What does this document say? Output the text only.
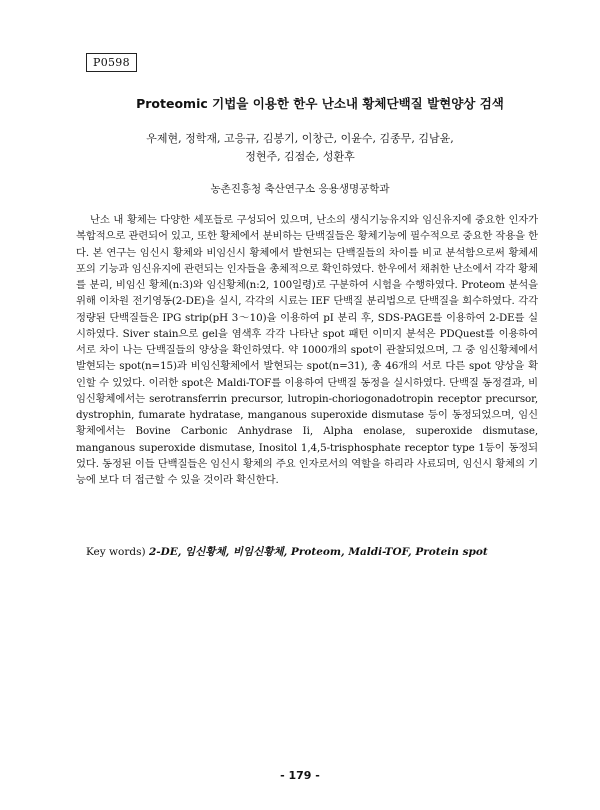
P0598
Proteomic 기법을 이용한 한우 난소내 황체단백질 발현양상 검색
우제현, 정학재, 고응규, 김봉기, 이창근, 이윤수, 김종무, 김남윤,
정현주, 김점순, 성환후
농촌진흥청 축산연구소 응용생명공학과

난소 내 황체는 다양한 세포들로 구성되어 있으며, 난소의 생식기능유지와 임신유지에 중요한 인자가 복합적으로 관련되어 있고, 또한 황체에서 분비하는 단백질들은 황체기능에 필수적으로 중요한 작용을 한다. 본 연구는 임신시 황체와 비임신시 황체에서 발현되는 단백질들의 차이를 비교 분석함으로써 황체세포의 기능과 임신유지에 관련되는 인자들을 총체적으로 확인하였다. 한우에서 채취한 난소에서 각각 황체를 분리, 비임신 황체(n:3)와 임신황체(n:2, 100일령)로 구분하여 시험을 수행하였다. Proteom 분석을 위해 이차원 전기영동(2-DE)을 실시, 각각의 시료는 IEF 단백질 분리법으로 단백질을 회수하였다. 각각 정량된 단백질들은 IPG strip(pH 3～10)을 이용하여 pI 분리 후, SDS-PAGE를 이용하여 2-DE를 실시하였다. Siver stain으로 gel을 염색후 각각 나타난 spot 패턴 이미지 분석은 PDQuest를 이용하여 서로 차이 나는 단백질들의 양상을 확인하였다. 약 1000개의 spot이 관찰되었으며, 그 중 임신황체에서 발현되는 spot(n=15)과 비임신황체에서 발현되는 spot(n=31), 총 46개의 서로 다른 spot 양상을 확인할 수 있었다. 이러한 spot은 Maldi-TOF를 이용하여 단백질 동정을 실시하였다. 단백질 동정결과, 비임신황체에서는 serotransferrin precursor, lutropin-choriogonadotropin receptor precursor, dystrophin, fumarate hydratase, manganous superoxide dismutase 등이 동정되었으며, 임신황체에서는 Bovine Carbonic Anhydrase Ii, Alpha enolase, superoxide dismutase, manganous superoxide dismutase, Inositol 1,4,5-trisphosphate receptor type 1등이 동정되었다. 동정된 이들 단백질들은 임신시 황체의 주요 인자로서의 역할을 하리라 사료되며, 임신시 황체의 기능에 보다 더 접근할 수 있을 것이라 확신한다.

Key words) 2-DE, 임신황체, 비임신황체, Proteom, Maldi-TOF, Protein spot
- 179 -
